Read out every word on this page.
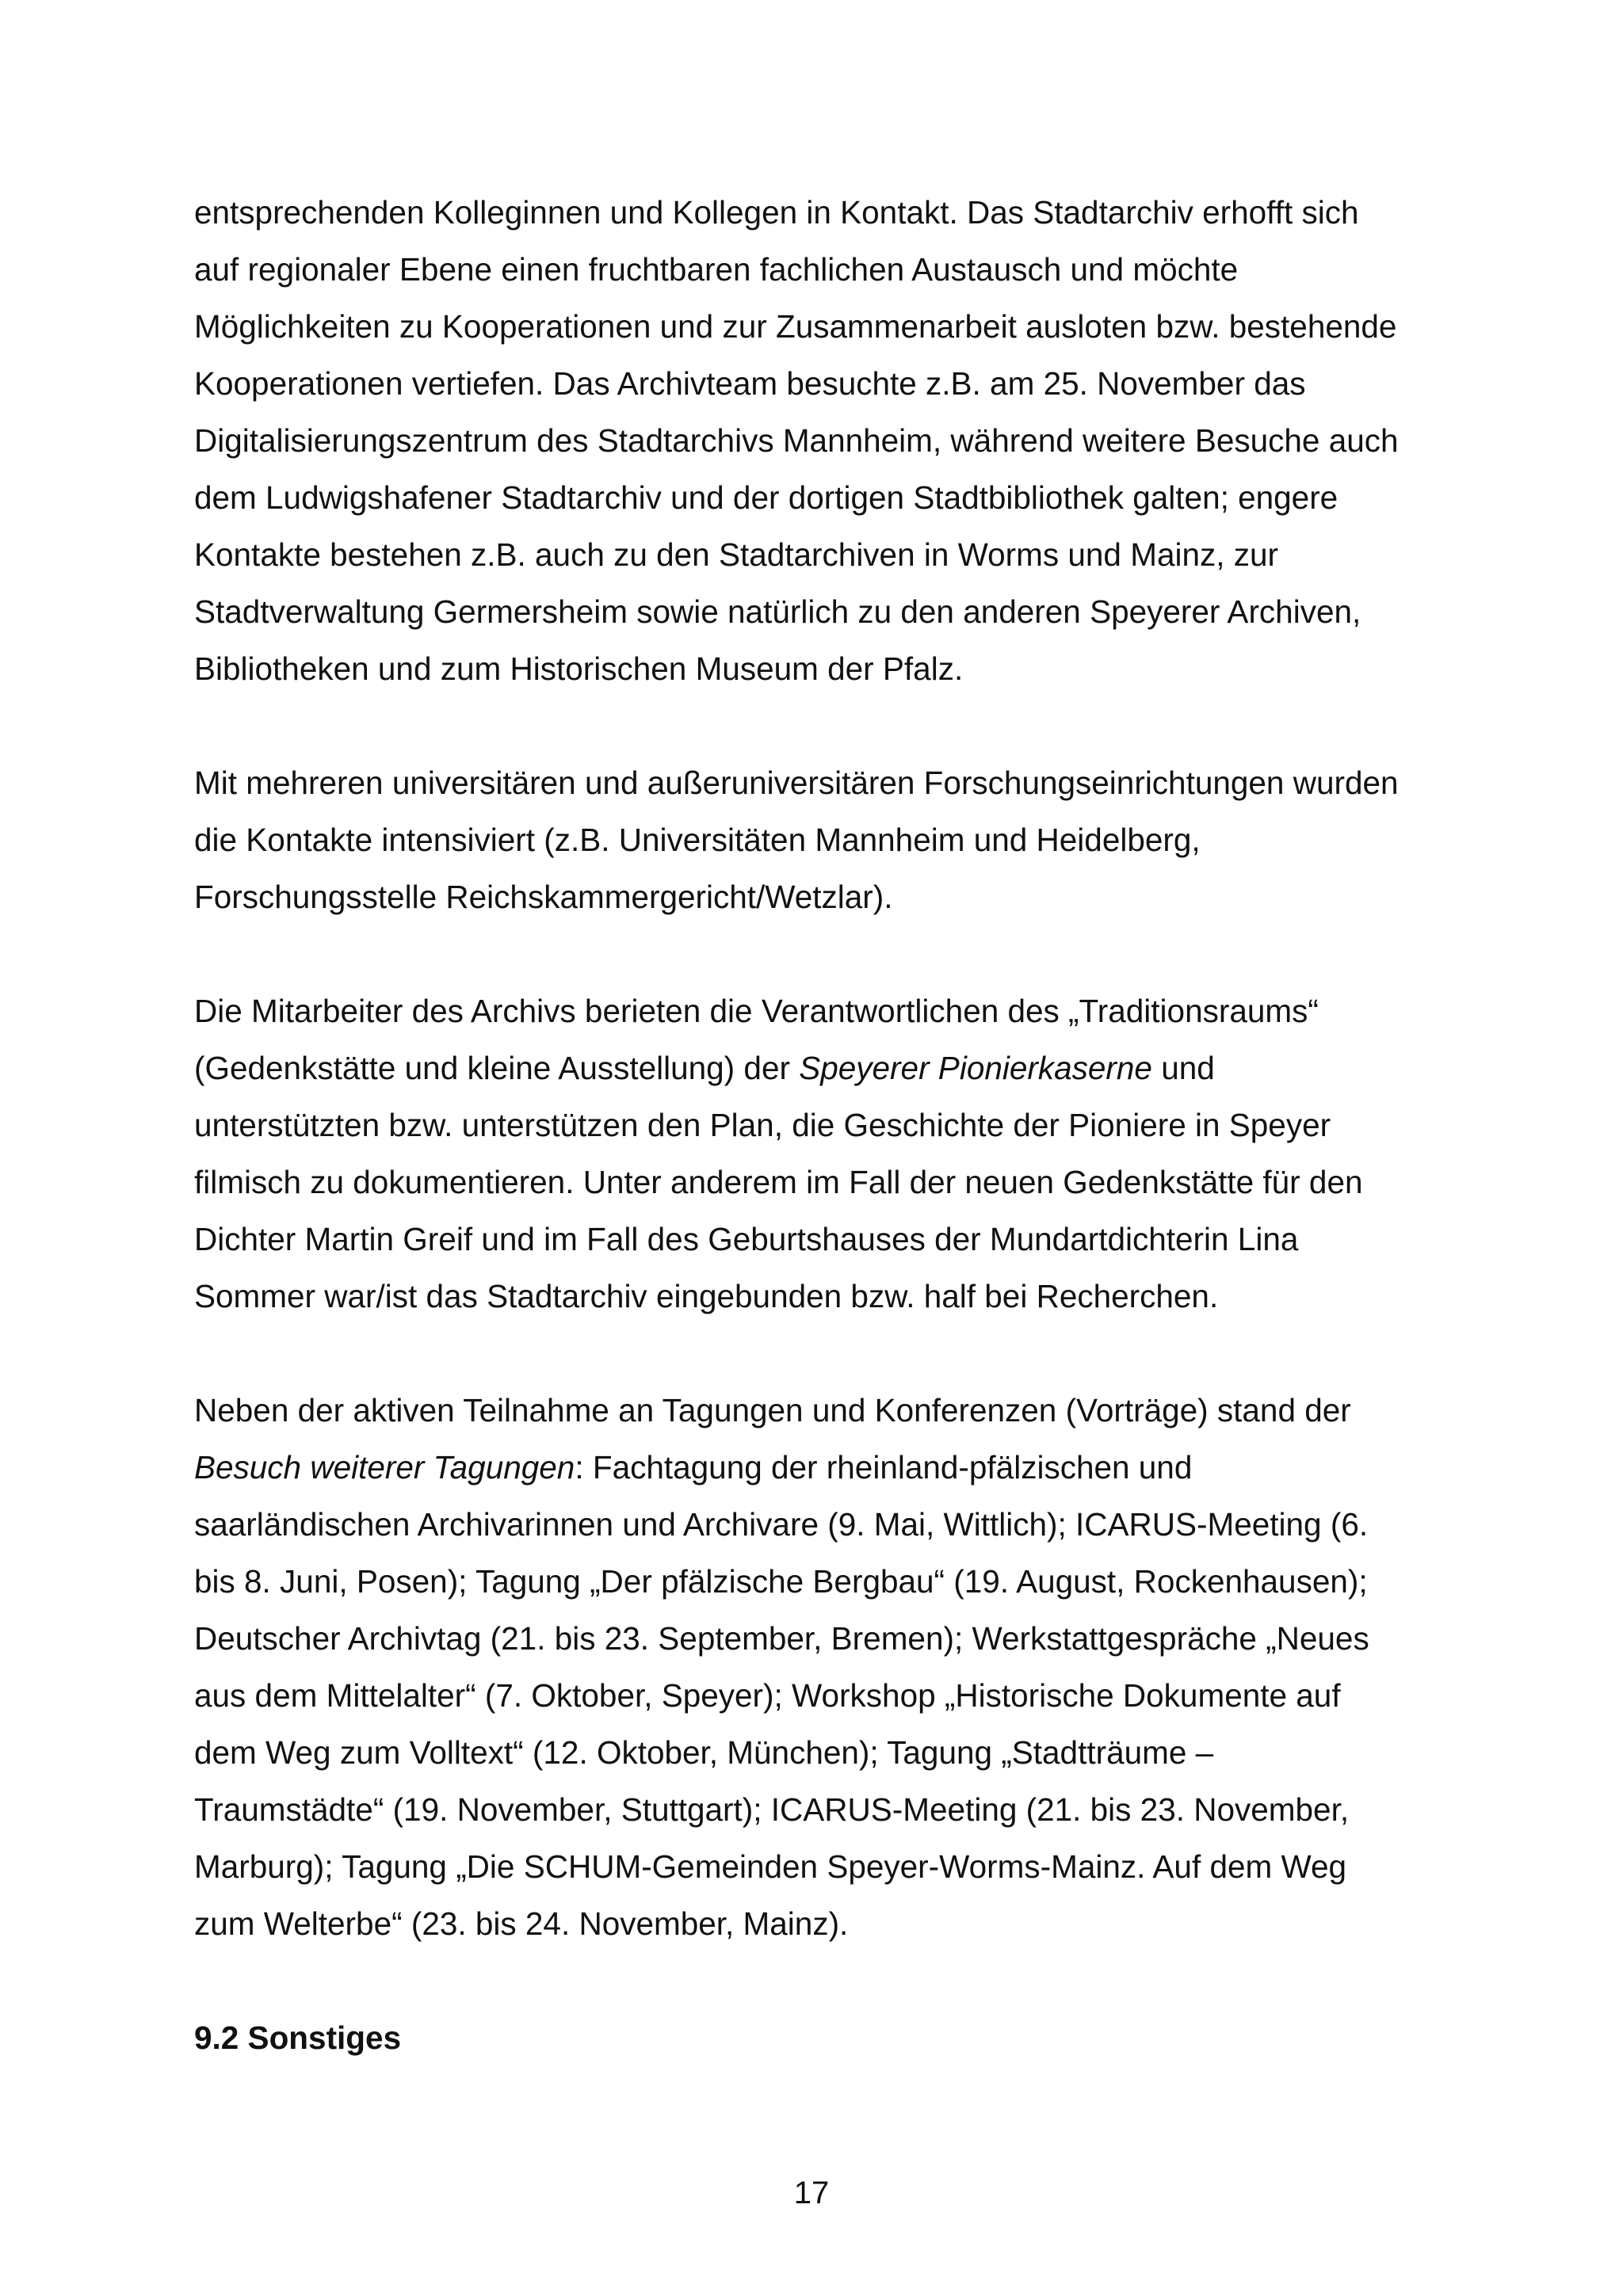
entsprechenden Kolleginnen und Kollegen in Kontakt. Das Stadtarchiv erhofft sich
auf regionaler Ebene einen fruchtbaren fachlichen Austausch und möchte
Möglichkeiten zu Kooperationen und zur Zusammenarbeit ausloten bzw. bestehende
Kooperationen vertiefen. Das Archivteam besuchte z.B. am 25. November das
Digitalisierungszentrum des Stadtarchivs Mannheim, während weitere Besuche auch
dem Ludwigshafener Stadtarchiv und der dortigen Stadtbibliothek galten; engere
Kontakte bestehen z.B. auch zu den Stadtarchiven in Worms und Mainz, zur
Stadtverwaltung Germersheim sowie natürlich zu den anderen Speyerer Archiven,
Bibliotheken und zum Historischen Museum der Pfalz.

Mit mehreren universitären und außeruniversitären Forschungseinrichtungen wurden
die Kontakte intensiviert (z.B. Universitäten Mannheim und Heidelberg,
Forschungsstelle Reichskammergericht/Wetzlar).

Die Mitarbeiter des Archivs berieten die Verantwortlichen des „Traditionsraums“
(Gedenkstätte und kleine Ausstellung) der Speyerer Pionierkaserne und
unterstützten bzw. unterstützen den Plan, die Geschichte der Pioniere in Speyer
filmisch zu dokumentieren. Unter anderem im Fall der neuen Gedenkstätte für den
Dichter Martin Greif und im Fall des Geburtshauses der Mundartdichterin Lina
Sommer war/ist das Stadtarchiv eingebunden bzw. half bei Recherchen.

Neben der aktiven Teilnahme an Tagungen und Konferenzen (Vorträge) stand der
Besuch weiterer Tagungen: Fachtagung der rheinland-pfälzischen und
saarländischen Archivarinnen und Archivare (9. Mai, Wittlich); ICARUS-Meeting (6.
bis 8. Juni, Posen); Tagung „Der pfälzische Bergbau“ (19. August, Rockenhausen);
Deutscher Archivtag (21. bis 23. September, Bremen); Werkstattgespräche „Neues
aus dem Mittelalter“ (7. Oktober, Speyer); Workshop „Historische Dokumente auf
dem Weg zum Volltext“ (12. Oktober, München); Tagung „Stadtträume –
Traumstädte“ (19. November, Stuttgart); ICARUS-Meeting (21. bis 23. November,
Marburg); Tagung „Die SCHUM-Gemeinden Speyer-Worms-Mainz. Auf dem Weg
zum Welterbe“ (23. bis 24. November, Mainz).

9.2 Sonstiges
17
